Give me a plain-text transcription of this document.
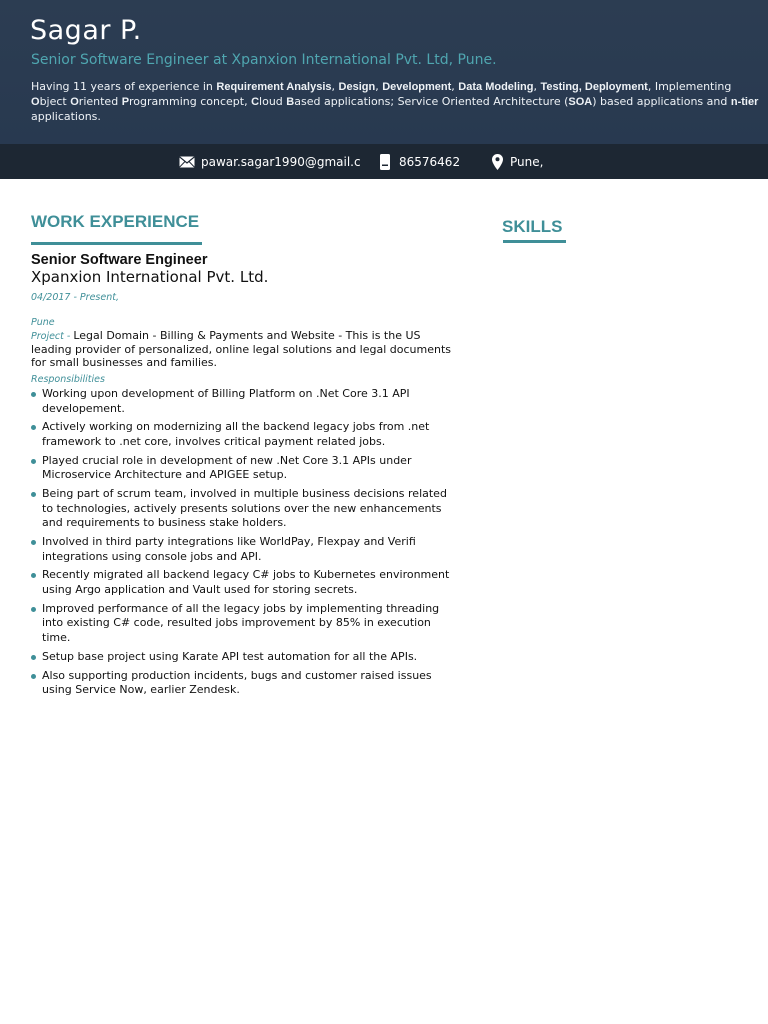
Sagar P.
Senior Software Engineer at Xpanxion International Pvt. Ltd, Pune.
Having 11 years of experience in Requirement Analysis, Design, Development, Data Modeling, Testing, Deployment, Implementing Object Oriented Programming concept, Cloud Based applications; Service Oriented Architecture (SOA) based applications and n-tier applications.
pawar.sagar1990@gmail.c	86576462	Pune,
WORK EXPERIENCE	SKILLS
Senior Software Engineer
Xpanxion International Pvt. Ltd.
04/2017 - Present,
Pune
Project - Legal Domain - Billing & Payments and Website - This is the US leading provider of personalized, online legal solutions and legal documents for small businesses and families.
Responsibilities
Working upon development of Billing Platform on .Net Core 3.1 API developement.
Actively working on modernizing all the backend legacy jobs from .net framework to .net core, involves critical payment related jobs.
Played crucial role in development of new .Net Core 3.1 APIs under Microservice Architecture and APIGEE setup.
Being part of scrum team, involved in multiple business decisions related to technologies, actively presents solutions over the new enhancements and requirements to business stake holders.
Involved in third party integrations like WorldPay, Flexpay and Verifi integrations using console jobs and API.
Recently migrated all backend legacy C# jobs to Kubernetes environment using Argo application and Vault used for storing secrets.
Improved performance of all the legacy jobs by implementing threading into existing C# code, resulted jobs improvement by 85% in execution time.
Setup base project using Karate API test automation for all the APIs.
Also supporting production incidents, bugs and customer raised issues using Service Now, earlier Zendesk.
